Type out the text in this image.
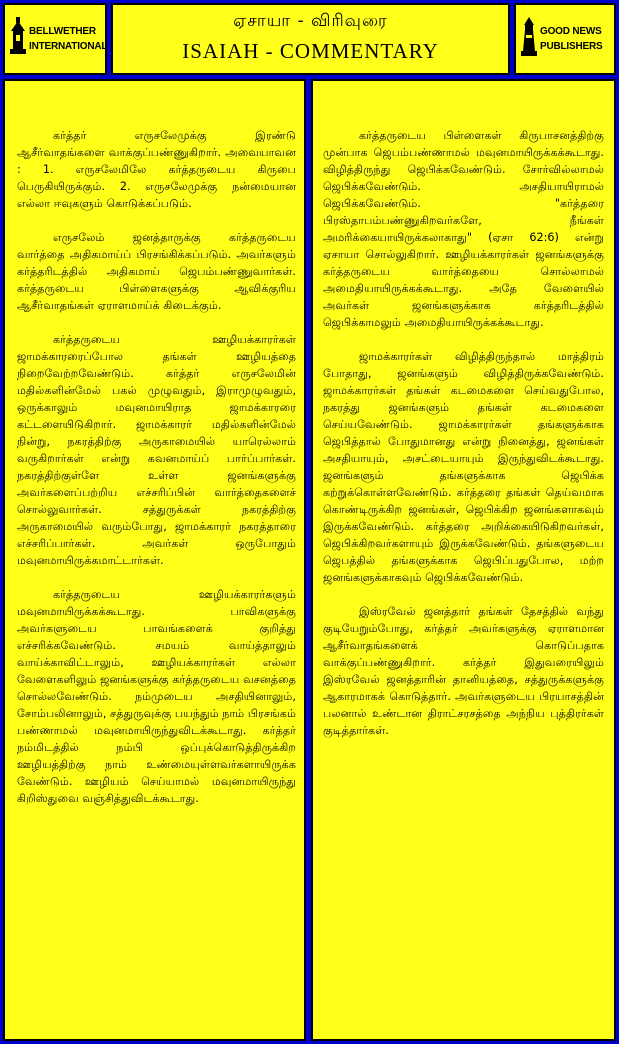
BELLWETHER
INTERNATIONAL
ஏசாயா - விரிவுரை
ISAIAH - COMMENTARY
GOOD NEWS
PUBLISHERS

கர்த்தர் எருசலேமுக்கு இரண்டு ஆசீர்வாதங்களை வாக்குப்பண்ணுகிறார். அவையாவன : 1. எருசலேமிலே கர்த்தருடைய கிருபை பெருகியிருக்கும். 2. எருசலேமுக்கு நன்மையான எல்லா ஈவுகளும் கொடுக்கப்படும்.

எருசலேம் ஜனத்தாருக்கு கர்த்தருடைய வார்த்தை அதிகமாய்ப் பிரசங்கிக்கப்படும். அவர்களும் கர்த்தரிடத்தில் அதிகமாய் ஜெபம்பண்ணுவார்கள். கர்த்தருடைய பிள்ளைகளுக்கு ஆவிக்குரிய ஆசீர்வாதங்கள் ஏராளமாய்க் கிடைக்கும்.

கர்த்தருடைய ஊழியக்காரர்கள் ஜாமக்காரரைப்போல தங்கள் ஊழியத்தை நிறைவேற்றவேண்டும். கர்த்தர் எருசலேமின் மதில்களின்மேல் பகல் முழுவதும், இராமுழுவதும், ஒருக்காலும் மவுனமாயிராத ஜாமக்காரரை கட்டளையிடுகிறார். ஜாமக்காரர் மதில்களின்மேல் நின்று, நகரத்திற்கு அருகாமையில் யாரெல்லாம் வருகிறார்கள் என்று கவனமாய்ப் பார்ப்பார்கள். நகரத்திற்குள்ளே உள்ள ஜனங்களுக்கு அவர்களைப்பற்றிய எச்சரிப்பின் வார்த்தைகளைச் சொல்லுவார்கள். சத்துருக்கள் நகரத்திற்கு அருகாமையில் வரும்போது, ஜாமக்காரர் நகரத்தாரை எச்சரிப்பார்கள். அவர்கள் ஒருபோதும் மவுனமாயிருக்கமாட்டார்கள்.

கர்த்தருடைய ஊழியக்காரர்களும் மவுனமாயிருக்கக்கூடாது. பாவிகளுக்கு அவர்களுடைய பாவங்களைக் குறித்து எச்சரிக்கவேண்டும். சமயம் வாய்த்தாலும் வாய்க்காவிட்டாலும், ஊழியக்காரர்கள் எல்லா வேளைகளிலும் ஜனங்களுக்கு கர்த்தருடைய வசனத்தை சொல்லவேண்டும். நம்முடைய அசதியினாலும், சோம்பலினாலும், சத்துருவுக்கு பயந்தும் நாம் பிரசங்கம் பண்ணாமல் மவுனமாயிருந்துவிடக்கூடாது. கர்த்தர் நம்மிடத்தில் நம்பி ஒப்புக்கொடுத்திருக்கிற ஊழியத்திற்கு நாம் உண்மையுள்ளவர்களாயிருக்க வேண்டும். ஊழியம் செய்யாமல் மவுனமாயிருந்து கிறிஸ்துவை வஞ்சித்துவிடக்கூடாது.

கர்த்தருடைய பிள்ளைகள் கிருபாசனத்திற்கு முன்பாக ஜெபம்பண்ணாமல் மவுனமாயிருக்கக்கூடாது. விழித்திருந்து ஜெபிக்கவேண்டும். சோர்வில்லாமல் ஜெபிக்கவேண்டும். அசதியாயிராமல் ஜெபிக்கவேண்டும். "கர்த்தரை பிரஸ்தாபம்பண்ணுகிறவர்களே, நீங்கள் அமரிக்கையாயிருக்கலாகாது" (ஏசா 62:6) என்று ஏசாயா சொல்லுகிறார். ஊழியக்காரர்கள் ஜனங்களுக்கு கர்த்தருடைய வார்த்தையை சொல்லாமல் அமைதியாயிருக்கக்கூடாது. அதே வேளையில் அவர்கள் ஜனங்களுக்காக கர்த்தரிடத்தில் ஜெபிக்காமலும் அமைதியாயிருக்கக்கூடாது.

ஜாமக்காரர்கள் விழித்திருந்தால் மாத்திரம் போதாது, ஜனங்களும் விழித்திருக்கவேண்டும். ஜாமக்காரர்கள் தங்கள் கடமைகளை செய்வதுபோல, நகரத்து ஜனங்களும் தங்கள் கடமைகளை செய்யவேண்டும். ஜாமக்காரர்கள் தங்களுக்காக ஜெபித்தால் போதுமானது என்று நினைத்து, ஜனங்கள் அசதியாயும், அசட்டையாயும் இருந்துவிடக்கூடாது. ஜனங்களும் தங்களுக்காக ஜெபிக்க கற்றுக்கொள்ளவேண்டும். கர்த்தரை தங்கள் தெய்வமாக கொண்டிருக்கிற ஜனங்கள், ஜெபிக்கிற ஜனங்களாகவும் இருக்கவேண்டும். கர்த்தரை அறிக்கையிடுகிறவர்கள், ஜெபிக்கிறவர்களாயும் இருக்கவேண்டும். தங்களுடைய ஜெபத்தில் தங்களுக்காக ஜெபிப்பதுபோல, மற்ற ஜனங்களுக்காகவும் ஜெபிக்கவேண்டும்.

இஸ்ரவேல் ஜனத்தார் தங்கள் தேசத்தில் வந்து குடியேறும்போது, கர்த்தர் அவர்களுக்கு ஏராளமான ஆசீர்வாதங்களைக் கொடுப்பதாக வாக்குப்பண்ணுகிறார். கர்த்தர் இதுவரையிலும் இஸ்ரவேல் ஜனத்தாரின் தானியத்தை, சத்துருக்களுக்கு ஆகாரமாகக் கொடுத்தார். அவர்களுடைய பிரயாசத்தின் பலனால் உண்டான திராட்சரசத்தை அந்நிய புத்திரர்கள் குடித்தார்கள்.
